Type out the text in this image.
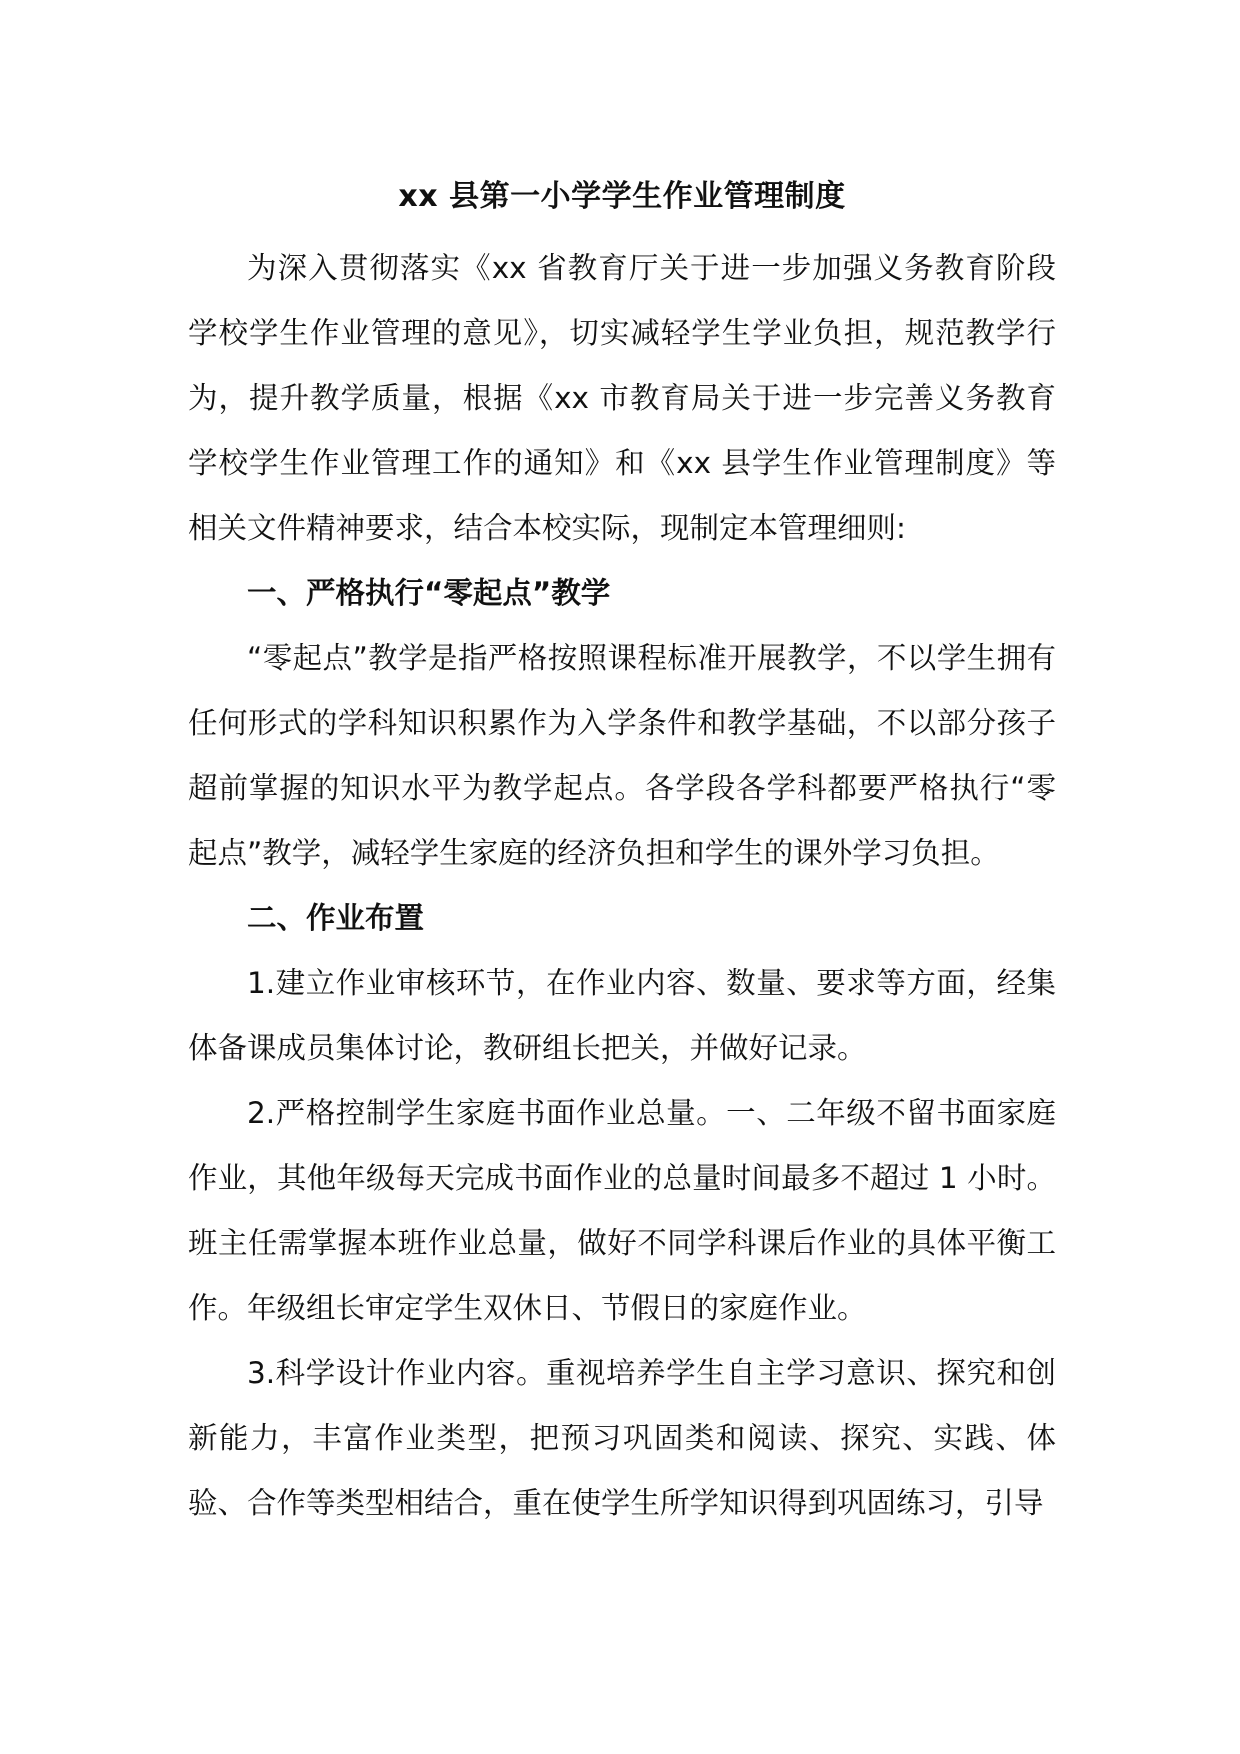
xx 县第一小学学生作业管理制度

为深入贯彻落实《xx 省教育厅关于进一步加强义务教育阶段学校学生作业管理的意见》，切实减轻学生学业负担，规范教学行为，提升教学质量，根据《xx 市教育局关于进一步完善义务教育学校学生作业管理工作的通知》和《xx 县学生作业管理制度》等相关文件精神要求，结合本校实际，现制定本管理细则:

一、严格执行“零起点”教学

“零起点”教学是指严格按照课程标准开展教学，不以学生拥有任何形式的学科知识积累作为入学条件和教学基础，不以部分孩子超前掌握的知识水平为教学起点。各学段各学科都要严格执行“零起点”教学，减轻学生家庭的经济负担和学生的课外学习负担。

二、作业布置

1.建立作业审核环节，在作业内容、数量、要求等方面，经集体备课成员集体讨论，教研组长把关，并做好记录。

2.严格控制学生家庭书面作业总量。一、二年级不留书面家庭作业，其他年级每天完成书面作业的总量时间最多不超过 1 小时。班主任需掌握本班作业总量，做好不同学科课后作业的具体平衡工作。年级组长审定学生双休日、节假日的家庭作业。

3.科学设计作业内容。重视培养学生自主学习意识、探究和创新能力，丰富作业类型，把预习巩固类和阅读、探究、实践、体验、合作等类型相结合，重在使学生所学知识得到巩固练习，引导
